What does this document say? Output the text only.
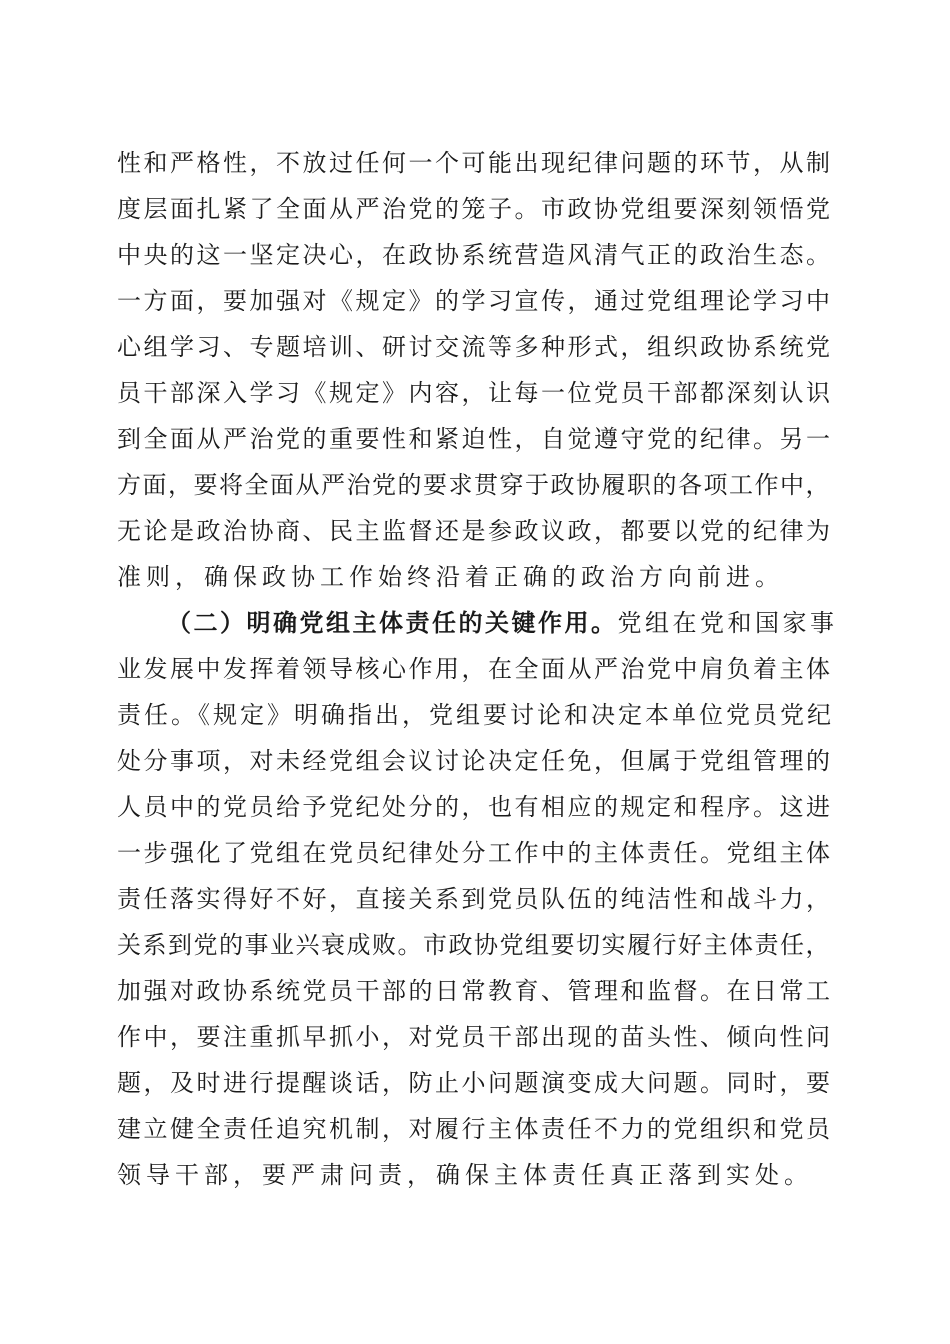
性和严格性，不放过任何一个可能出现纪律问题的环节，从制

度层面扎紧了全面从严治党的笼子。市政协党组要深刻领悟党

中央的这一坚定决心，在政协系统营造风清气正的政治生态。

一方面，要加强对《规定》的学习宣传，通过党组理论学习中

心组学习、专题培训、研讨交流等多种形式，组织政协系统党

员干部深入学习《规定》内容，让每一位党员干部都深刻认识

到全面从严治党的重要性和紧迫性，自觉遵守党的纪律。另一

方面，要将全面从严治党的要求贯穿于政协履职的各项工作中，

无论是政治协商、民主监督还是参政议政，都要以党的纪律为

准则，确保政协工作始终沿着正确的政治方向前进。

（二）明确党组主体责任的关键作用。党组在党和国家事

业发展中发挥着领导核心作用，在全面从严治党中肩负着主体

责任。《规定》明确指出，党组要讨论和决定本单位党员党纪

处分事项，对未经党组会议讨论决定任免，但属于党组管理的

人员中的党员给予党纪处分的，也有相应的规定和程序。这进

一步强化了党组在党员纪律处分工作中的主体责任。党组主体

责任落实得好不好，直接关系到党员队伍的纯洁性和战斗力，

关系到党的事业兴衰成败。市政协党组要切实履行好主体责任，

加强对政协系统党员干部的日常教育、管理和监督。在日常工

作中，要注重抓早抓小，对党员干部出现的苗头性、倾向性问

题，及时进行提醒谈话，防止小问题演变成大问题。同时，要

建立健全责任追究机制，对履行主体责任不力的党组织和党员

领导干部，要严肃问责，确保主体责任真正落到实处。
